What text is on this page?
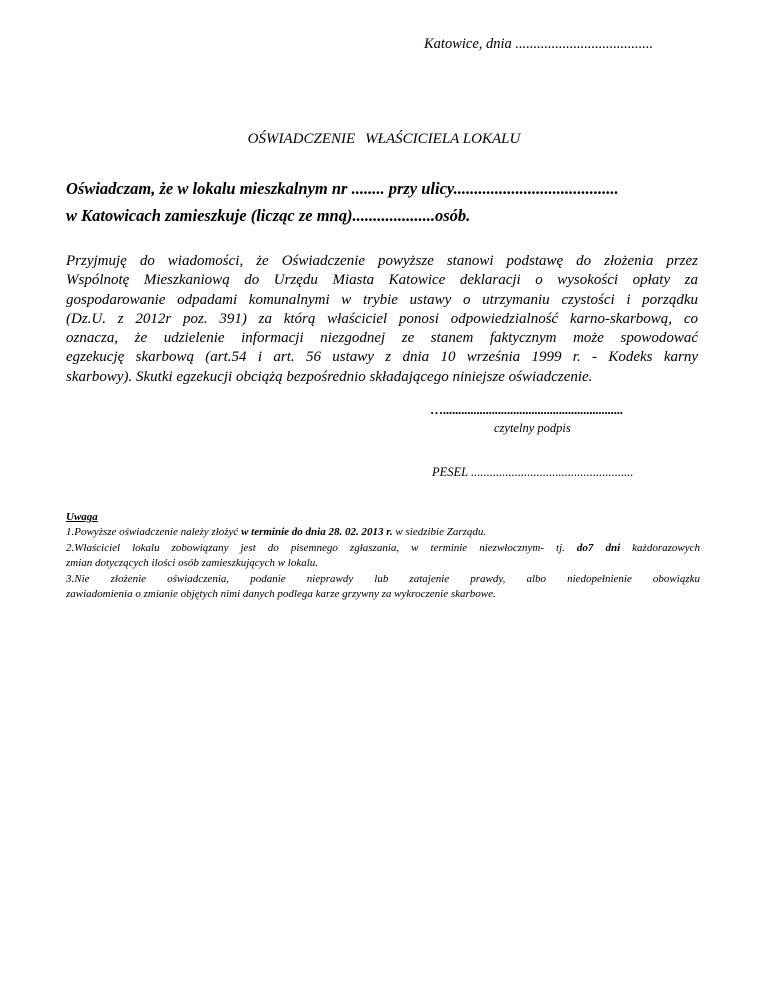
Katowice, dnia ......................................
OŚWIADCZENIE WŁAŚCICIELA LOKALU
Oświadczam, że w lokalu mieszkalnym nr ........ przy ulicy........................................
w Katowicach zamieszkuje (licząc ze mną)....................osób.
Przyjmuję do wiadomości, że Oświadczenie powyższe stanowi podstawę do złożenia przez
Wspólnotę Mieszkaniową do Urzędu Miasta Katowice deklaracji o wysokości opłaty za
gospodarowanie odpadami komunalnymi w trybie ustawy o utrzymaniu czystości i porządku
(Dz.U. z 2012r poz. 391) za którą właściciel ponosi odpowiedzialność karno-skarbową, co
oznacza, że udzielenie informacji niezgodnej ze stanem faktycznym może spowodować
egzekucję skarbową (art.54 i art. 56 ustawy z dnia 10 września 1999 r. - Kodeks karny
skarbowy). Skutki egzekucji obciążą bezpośrednio składającego niniejsze oświadczenie.
…...........................................................
czytelny podpis
PESEL ....................................................
Uwaga
1.Powyższe oświadczenie należy złożyć w terminie do dnia 28. 02. 2013 r. w siedzibie Zarządu.
2.Właściciel lokalu zobowiązany jest do pisemnego zgłaszania, w terminie niezwłocznym- tj. do7 dni każdorazowych
zmian dotyczących ilości osób zamieszkujących w lokalu.
3.Nie złożenie oświadczenia, podanie nieprawdy lub zatajenie prawdy, albo niedopełnienie obowiązku
zawiadomienia o zmianie objętych nimi danych podlega karze grzywny za wykroczenie skarbowe.
